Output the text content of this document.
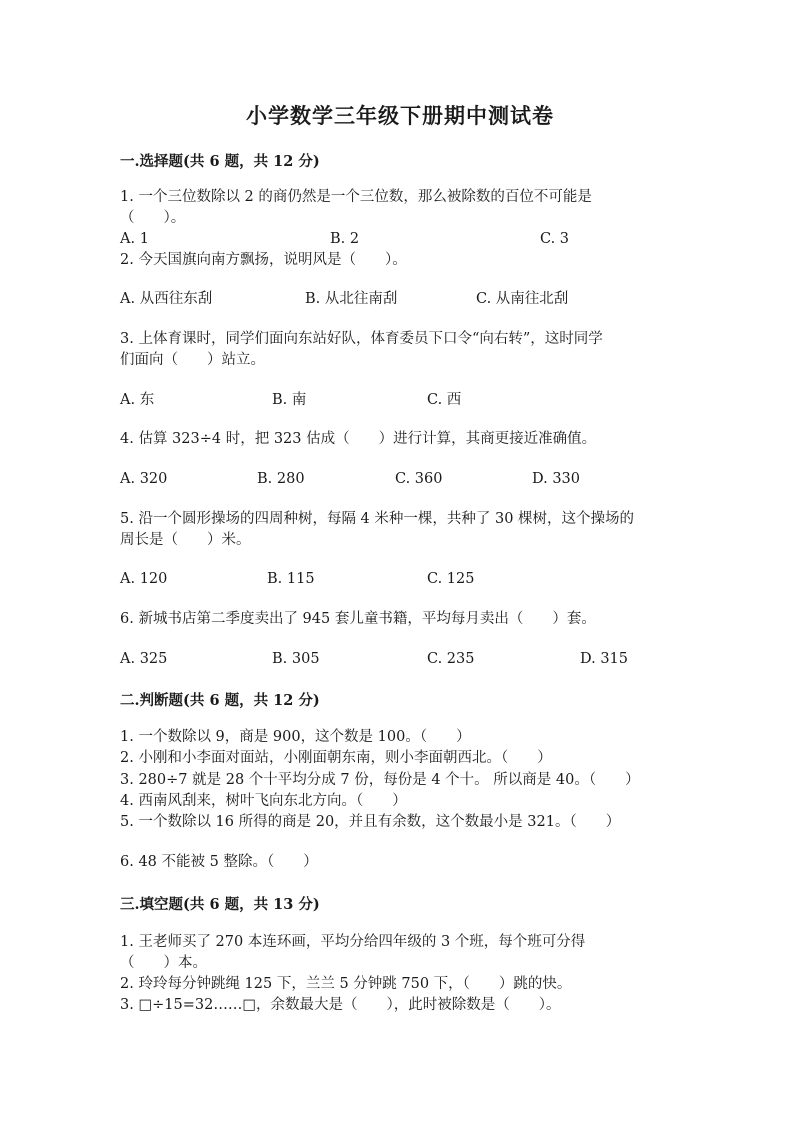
小学数学三年级下册期中测试卷
一.选择题(共 6 题，共 12 分)
1. 一个三位数除以 2 的商仍然是一个三位数，那么被除数的百位不可能是
（　　）。
A. 1	B. 2	C. 3
2. 今天国旗向南方飘扬，说明风是（　　）。
A. 从西往东刮	B. 从北往南刮	C. 从南往北刮
3. 上体育课时，同学们面向东站好队，体育委员下口令“向右转”，这时同学
们面向（　　）站立。
A. 东	B. 南	C. 西
4. 估算 323÷4 时，把 323 估成（　　）进行计算，其商更接近准确值。
A. 320	B. 280	C. 360	D. 330
5. 沿一个圆形操场的四周种树，每隔 4 米种一棵，共种了 30 棵树，这个操场的
周长是（　　）米。
A. 120	B. 115	C. 125
6. 新城书店第二季度卖出了 945 套儿童书籍，平均每月卖出（　　）套。
A. 325	B. 305	C. 235	D. 315
二.判断题(共 6 题，共 12 分)
1. 一个数除以 9，商是 900，这个数是 100。（　　）
2. 小刚和小李面对面站，小刚面朝东南，则小李面朝西北。（　　）
3. 280÷7 就是 28 个十平均分成 7 份，每份是 4 个十。 所以商是 40。（　　）
4. 西南风刮来，树叶飞向东北方向。（　　）
5. 一个数除以 16 所得的商是 20，并且有余数，这个数最小是 321。（　　）
6. 48 不能被 5 整除。（　　）
三.填空题(共 6 题，共 13 分)
1. 王老师买了 270 本连环画，平均分给四年级的 3 个班，每个班可分得
（　　）本。
2. 玲玲每分钟跳绳 125 下，兰兰 5 分钟跳 750 下，（　　）跳的快。
3. □÷15=32……□，余数最大是（　　），此时被除数是（　　）。
